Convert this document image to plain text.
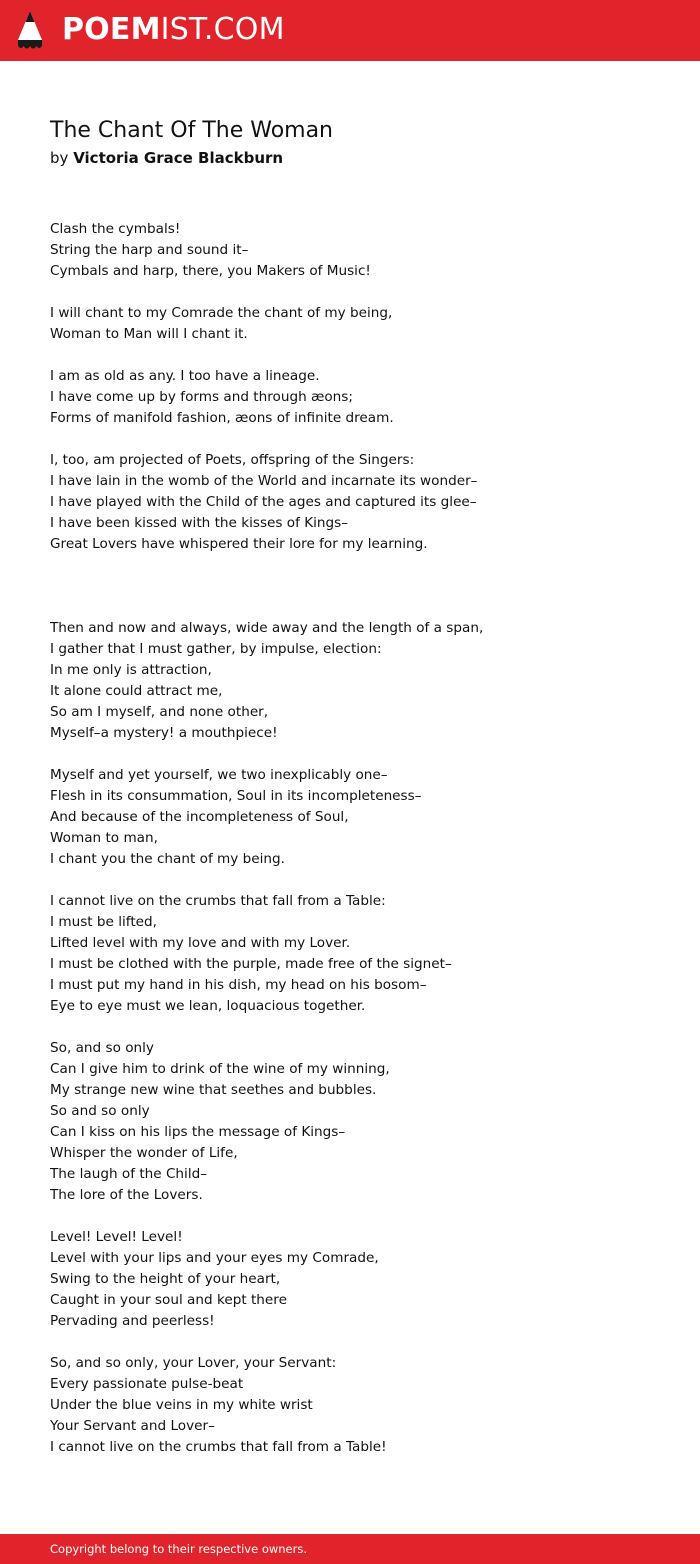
POEMIST.COM
The Chant Of The Woman
by Victoria Grace Blackburn
Clash the cymbals!
String the harp and sound it–
Cymbals and harp, there, you Makers of Music!
I will chant to my Comrade the chant of my being,
Woman to Man will I chant it.
I am as old as any. I too have a lineage.
I have come up by forms and through æons;
Forms of manifold fashion, æons of infinite dream.
I, too, am projected of Poets, offspring of the Singers:
I have lain in the womb of the World and incarnate its wonder–
I have played with the Child of the ages and captured its glee–
I have been kissed with the kisses of Kings–
Great Lovers have whispered their lore for my learning.
Then and now and always, wide away and the length of a span,
I gather that I must gather, by impulse, election:
In me only is attraction,
It alone could attract me,
So am I myself, and none other,
Myself–a mystery! a mouthpiece!
Myself and yet yourself, we two inexplicably one–
Flesh in its consummation, Soul in its incompleteness–
And because of the incompleteness of Soul,
Woman to man,
I chant you the chant of my being.
I cannot live on the crumbs that fall from a Table:
I must be lifted,
Lifted level with my love and with my Lover.
I must be clothed with the purple, made free of the signet–
I must put my hand in his dish, my head on his bosom–
Eye to eye must we lean, loquacious together.
So, and so only
Can I give him to drink of the wine of my winning,
My strange new wine that seethes and bubbles.
So and so only
Can I kiss on his lips the message of Kings–
Whisper the wonder of Life,
The laugh of the Child–
The lore of the Lovers.
Level! Level! Level!
Level with your lips and your eyes my Comrade,
Swing to the height of your heart,
Caught in your soul and kept there
Pervading and peerless!
So, and so only, your Lover, your Servant:
Every passionate pulse-beat
Under the blue veins in my white wrist
Your Servant and Lover–
I cannot live on the crumbs that fall from a Table!
Copyright belong to their respective owners.
